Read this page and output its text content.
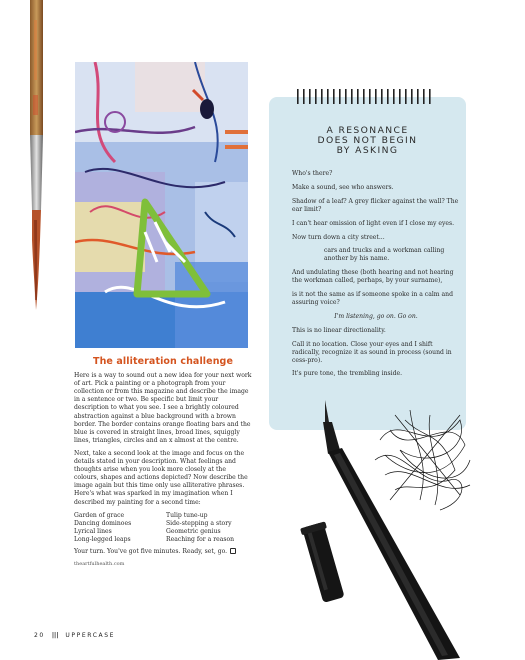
The alliteration challenge

Here is a way to sound out a new idea for your next work of art. Pick a painting or a photograph from your collection or from this magazine and describe the image in a sentence or two. Be specific but limit your description to what you see. I see a brightly coloured abstraction against a blue background with a brown border. The border contains orange floating bars and the blue is covered in straight lines, broad lines, squiggly lines, triangles, circles and an x almost at the centre.

Next, take a second look at the image and focus on the details stated in your description. What feelings and thoughts arise when you look more closely at the colours, shapes and actions depicted? Now describe the image again but this time only use alliterative phrases. Here's what was sparked in my imagination when I described my painting for a second time:

Garden of grace
Dancing dominoes
Lyrical lines
Long-legged leaps
Tulip tune-up
Side-stepping a story
Geometric genius
Reaching for a reason

Your turn. You've got five minutes. Ready, set, go.

theartfulhealth.com
A RESONANCE
DOES NOT BEGIN
BY ASKING

Who's there?

Make a sound, see who answers.

Shadow of a leaf? A grey flicker against the wall? The ear limit?

I can't hear omission of light even if I close my eyes.

Now turn down a city street...

cars and trucks and a workman calling another by his name.

And undulating these (both hearing and not hearing the workman called, perhaps, by your surname),

is it not the same as if someone spoke in a calm and assuring voice?

I'm listening, go on. Go on.

This is no linear directionality.

Call it no location. Close your eyes and I shift radically, recognize it as sound in process (sound in cess-pro).

It's pure tone, the trembling inside.

20 ||| UPPERCASE
